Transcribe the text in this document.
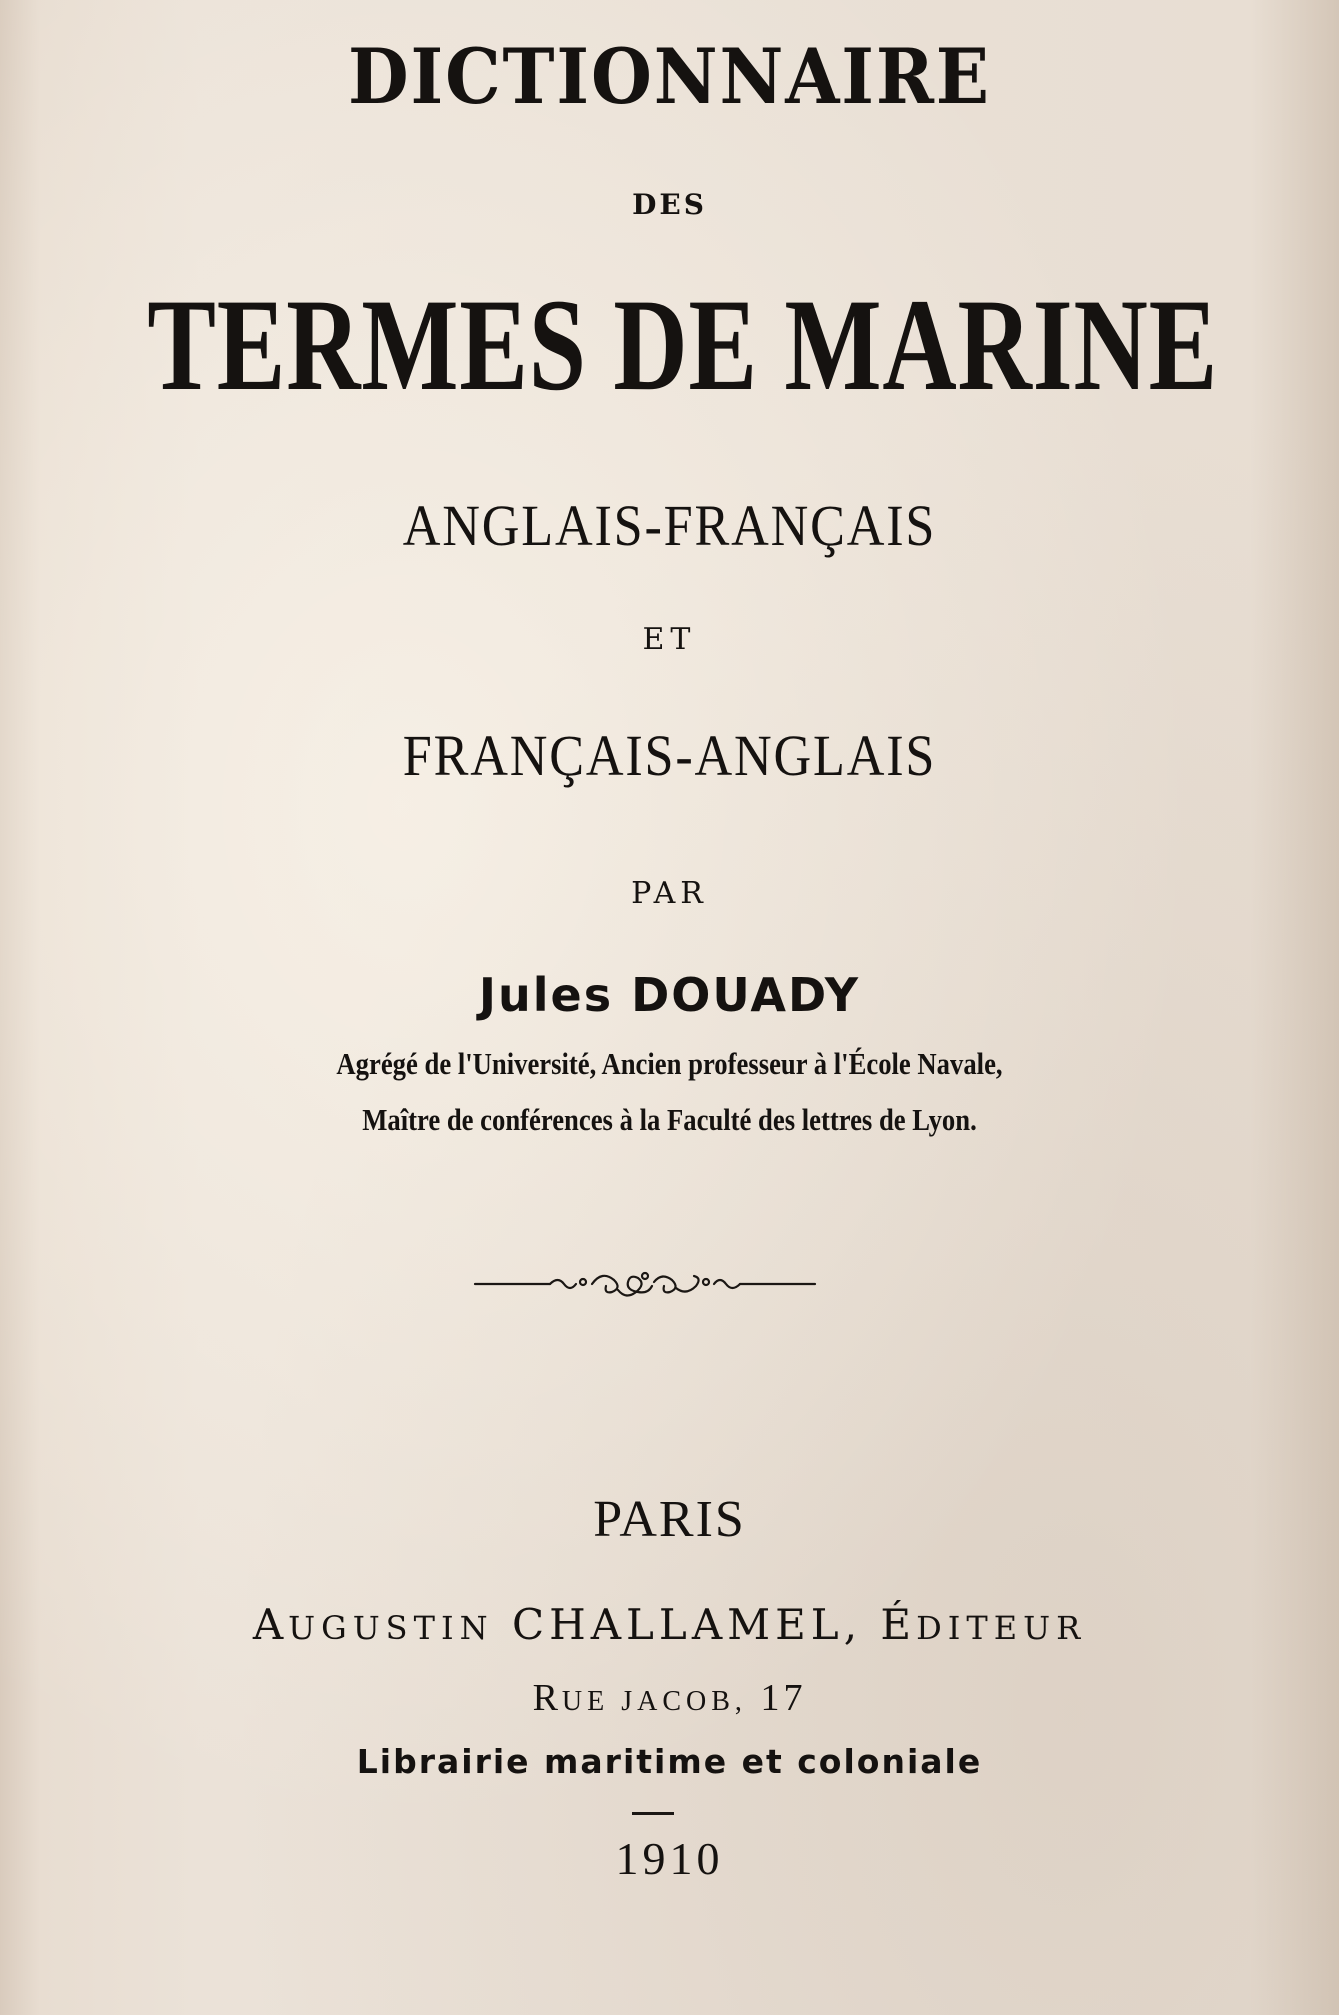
DICTIONNAIRE

DES

TERMES DE MARINE

ANGLAIS-FRANÇAIS

ET

FRANÇAIS-ANGLAIS

PAR

Jules DOUADY

Agrégé de l'Université, Ancien professeur à l'École Navale,

Maître de conférences à la Faculté des lettres de Lyon.

PARIS

AUGUSTIN CHALLAMEL, ÉDITEUR

RUE JACOB, 17

Librairie maritime et coloniale

1910
